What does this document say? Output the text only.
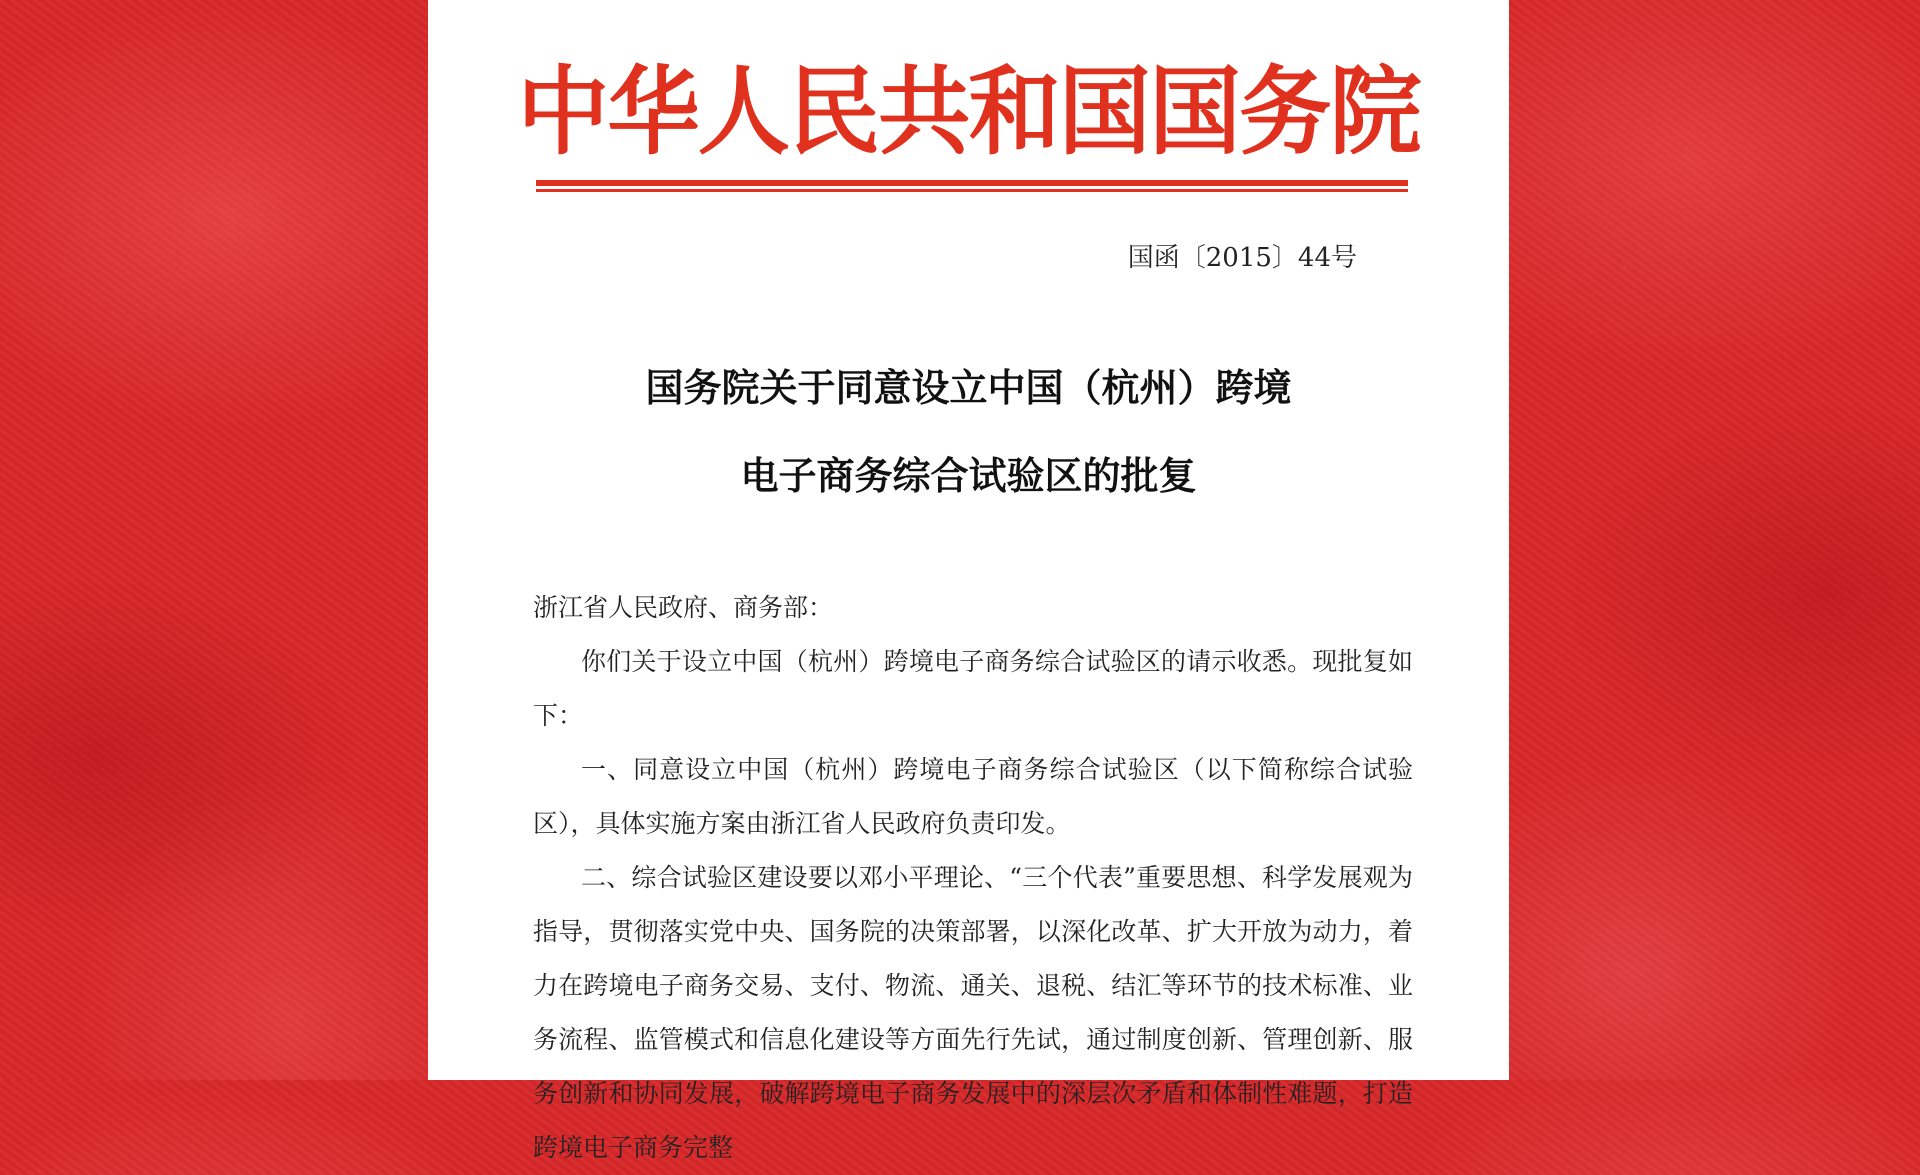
中华人民共和国国务院
国函〔2015〕44号
国务院关于同意设立中国（杭州）跨境
电子商务综合试验区的批复

浙江省人民政府、商务部：

你们关于设立中国（杭州）跨境电子商务综合试验区的请示收悉。现批复如下：

一、同意设立中国（杭州）跨境电子商务综合试验区（以下简称综合试验区），具体实施方案由浙江省人民政府负责印发。

二、综合试验区建设要以邓小平理论、“三个代表”重要思想、科学发展观为指导，贯彻落实党中央、国务院的决策部署，以深化改革、扩大开放为动力，着力在跨境电子商务交易、支付、物流、通关、退税、结汇等环节的技术标准、业务流程、监管模式和信息化建设等方面先行先试，通过制度创新、管理创新、服务创新和协同发展，破解跨境电子商务发展中的深层次矛盾和体制性难题，打造跨境电子商务完整
